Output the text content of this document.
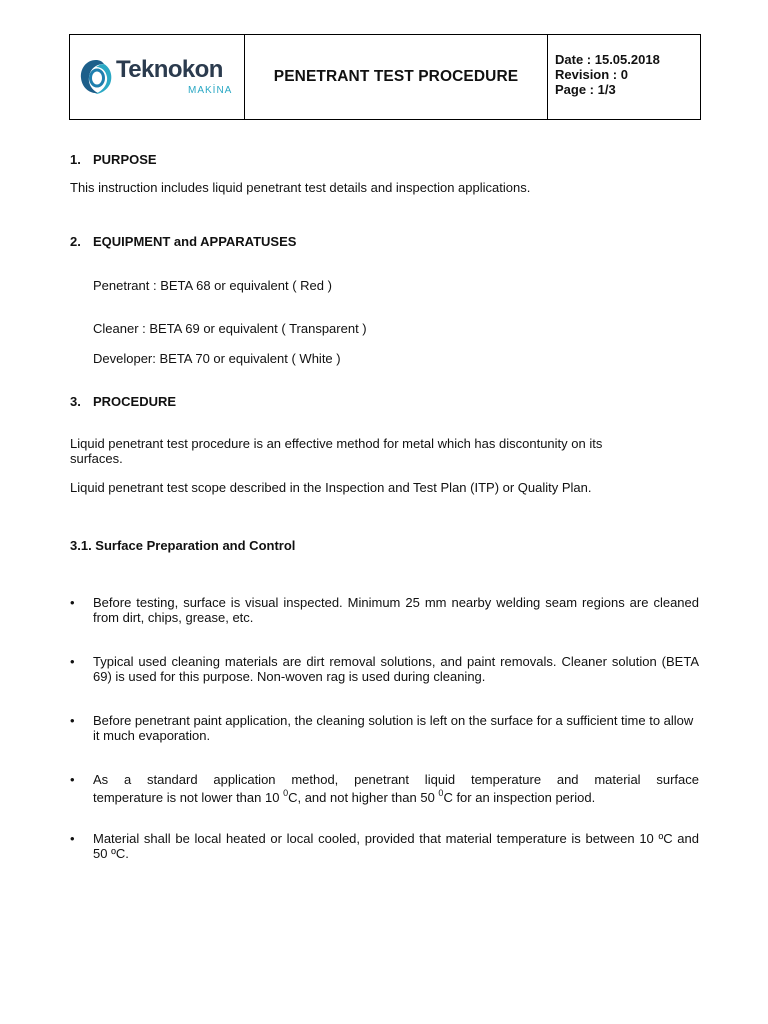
Teknokon
MAKİNA
PENETRANT TEST PROCEDURE
Date : 15.05.2018
Revision : 0
Page : 1/3
1. PURPOSE
This instruction includes liquid penetrant test details and inspection applications.
2. EQUIPMENT and APPARATUSES
Penetrant : BETA 68 or equivalent ( Red )
Cleaner : BETA 69 or equivalent ( Transparent )
Developer: BETA 70 or equivalent ( White )
3. PROCEDURE
Liquid penetrant test procedure is an effective method for metal which has discontunity on its
surfaces.
Liquid penetrant test scope described in the Inspection and Test Plan (ITP) or Quality Plan.
3.1. Surface Preparation and Control
• Before testing, surface is visual inspected. Minimum 25 mm nearby welding seam regions are cleaned from dirt, chips, grease, etc.
• Typical used cleaning materials are dirt removal solutions, and paint removals. Cleaner solution (BETA 69) is used for this purpose. Non-woven rag is used during cleaning.
• Before penetrant paint application, the cleaning solution is left on the surface for a sufficient time to allow it much evaporation.
• As a standard application method, penetrant liquid temperature and material surface
temperature is not lower than 10 $^0$C, and not higher than 50 $^0$C for an inspection period.
• Material shall be local heated or local cooled, provided that material temperature is between 10 ºC and 50 ºC.
